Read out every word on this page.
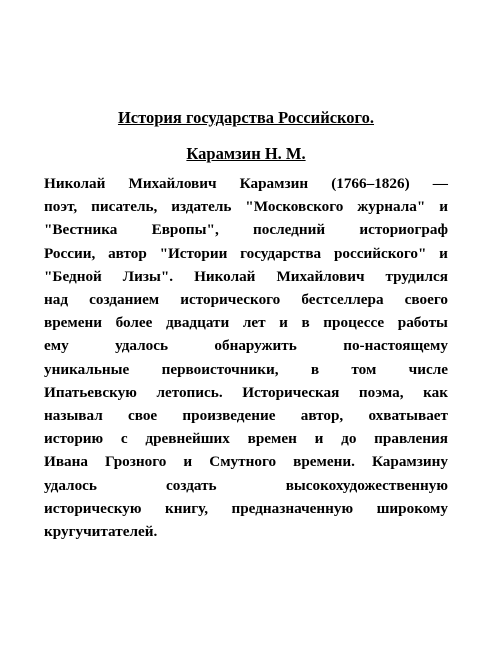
История государства Российского.
Карамзин Н. М.
Николай Михайлович Карамзин (1766–1826) —
поэт, писатель, издатель "Московского журнала" и
"Вестника Европы", последний историограф
России, автор "Истории государства российского" и
"Бедной Лизы". Николай Михайлович трудился
над созданием исторического бестселлера своего
времени более двадцати лет и в процессе работы
ему	удалось	обнаружить	по-настоящему
уникальные первоисточники, в том числе
Ипатьевскую летопись. Историческая поэма, как
называл свое произведение автор, охватывает
историю с древнейших времен и до правления
Ивана Грозного и Смутного времени. Карамзину
удалось	создать	высокохудожественную
историческую книгу, предназначенную широкому
кругу читателей.
